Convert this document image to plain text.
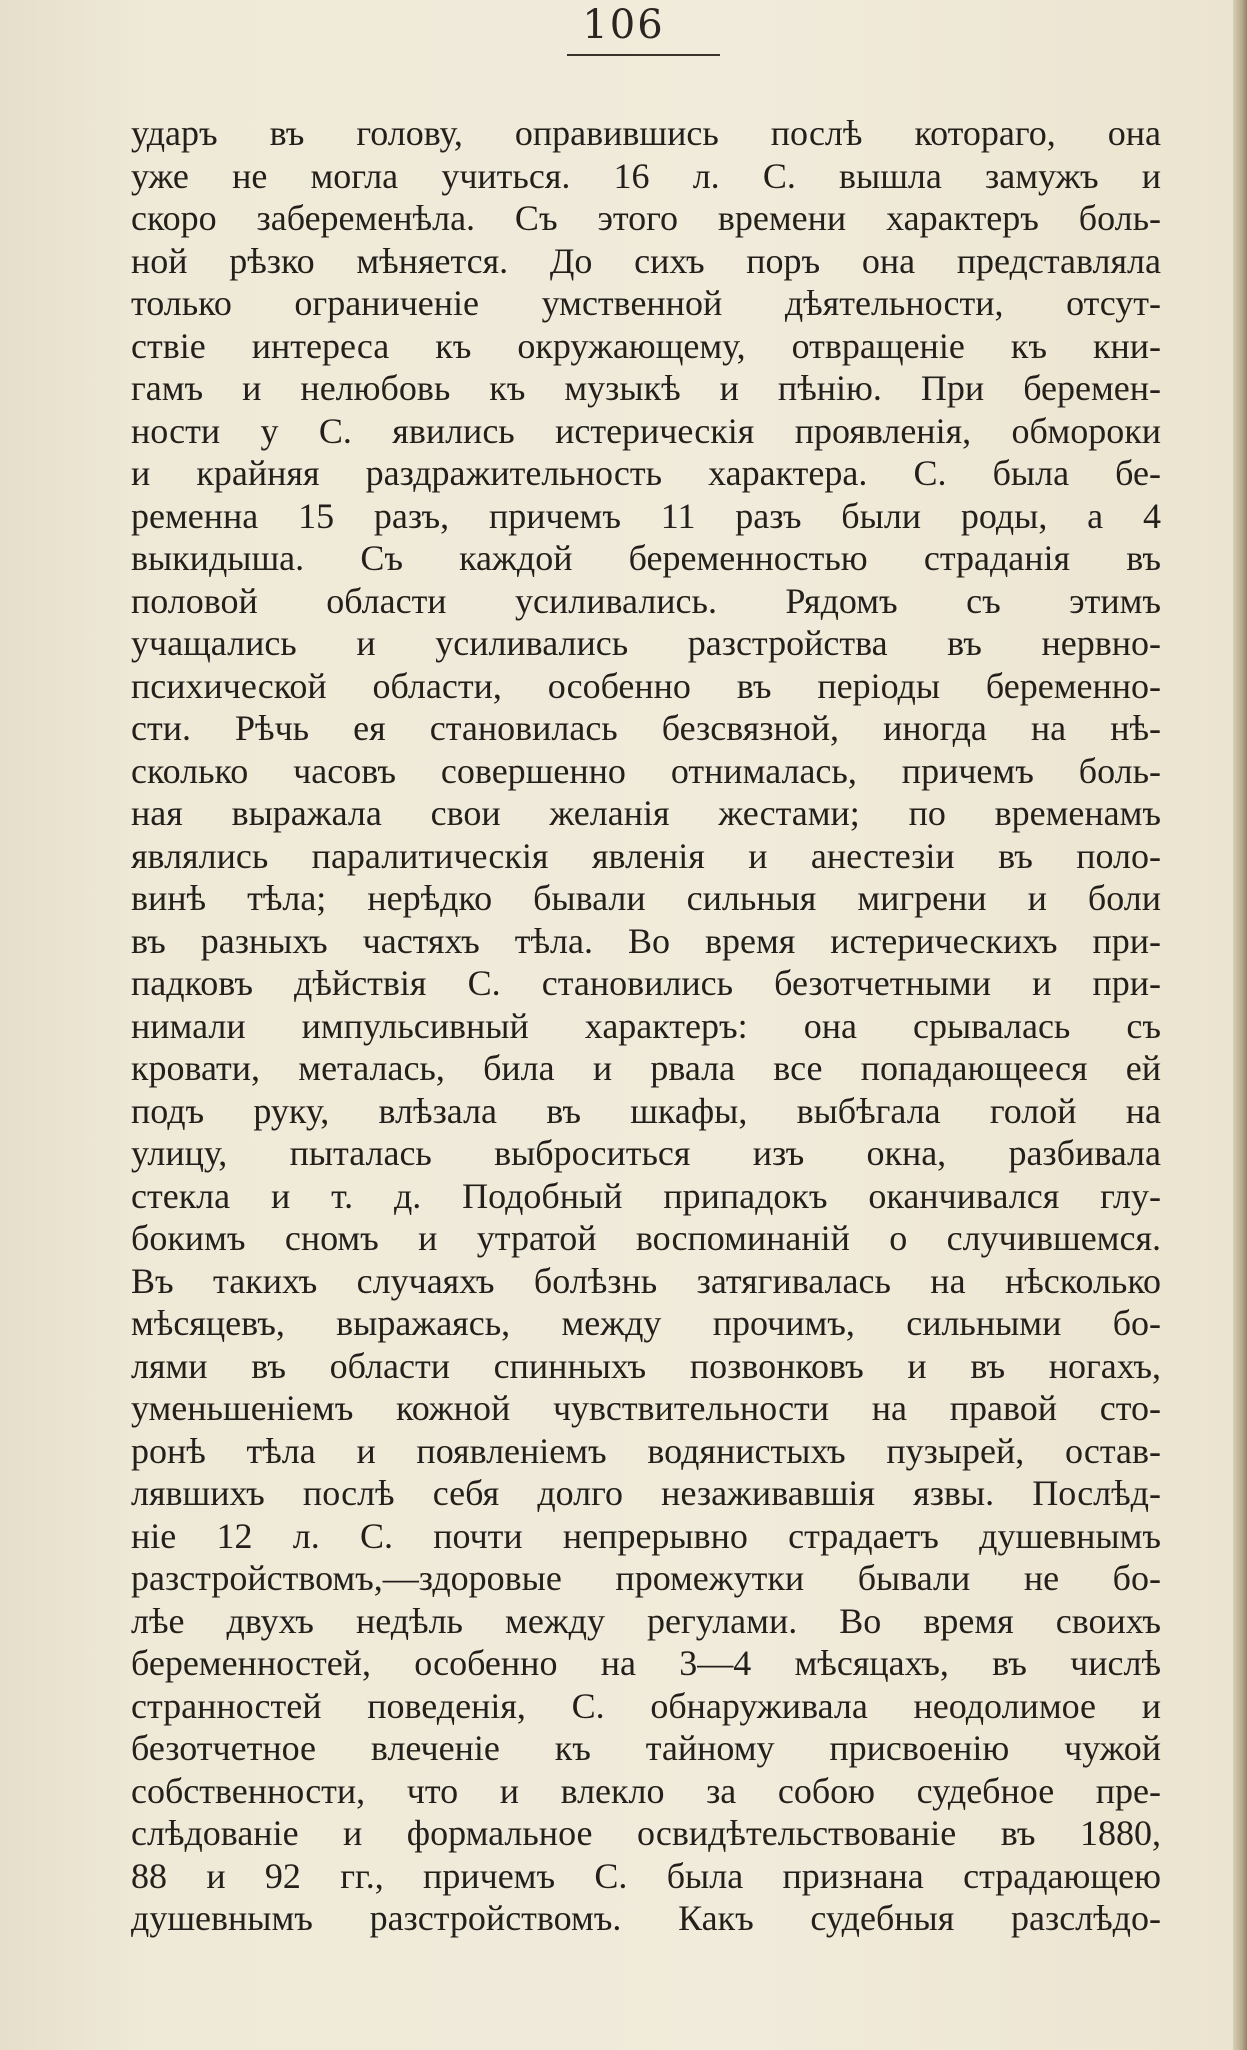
106
ударъ въ голову, оправившись послѣ котораго, она
уже не могла учиться. 16 л. С. вышла замужъ и
скоро забеременѣла. Съ этого времени характеръ боль-
ной рѣзко мѣняется. До сихъ поръ она представляла
только ограниченіе умственной дѣятельности, отсут-
ствіе интереса къ окружающему, отвращеніе къ кни-
гамъ и нелюбовь къ музыкѣ и пѣнію. При беремен-
ности у С. явились истерическія проявленія, обмороки
и крайняя раздражительность характера. С. была бе-
ременна 15 разъ, причемъ 11 разъ были роды, а 4
выкидыша. Съ каждой беременностью страданія въ
половой области усиливались. Рядомъ съ этимъ
учащались и усиливались разстройства въ нервно-
психической области, особенно въ періоды беременно-
сти. Рѣчь ея становилась безсвязной, иногда на нѣ-
сколько часовъ совершенно отнималась, причемъ боль-
ная выражала свои желанія жестами; по временамъ
являлись паралитическія явленія и анестезіи въ поло-
винѣ тѣла; нерѣдко бывали сильныя мигрени и боли
въ разныхъ частяхъ тѣла. Во время истерическихъ при-
падковъ дѣйствія С. становились безотчетными и при-
нимали импульсивный характеръ: она срывалась съ
кровати, металась, била и рвала все попадающееся ей
подъ руку, влѣзала въ шкафы, выбѣгала голой на
улицу, пыталась выброситься изъ окна, разбивала
стекла и т. д. Подобный припадокъ оканчивался глу-
бокимъ сномъ и утратой воспоминаній о случившемся.
Въ такихъ случаяхъ болѣзнь затягивалась на нѣсколько
мѣсяцевъ, выражаясь, между прочимъ, сильными бо-
лями въ области спинныхъ позвонковъ и въ ногахъ,
уменьшеніемъ кожной чувствительности на правой сто-
ронѣ тѣла и появленіемъ водянистыхъ пузырей, остав-
лявшихъ послѣ себя долго незаживавшія язвы. Послѣд-
ніе 12 л. С. почти непрерывно страдаетъ душевнымъ
разстройствомъ,—здоровые промежутки бывали не бо-
лѣе двухъ недѣль между регулами. Во время своихъ
беременностей, особенно на 3—4 мѣсяцахъ, въ числѣ
странностей поведенія, С. обнаруживала неодолимое и
безотчетное влеченіе къ тайному присвоенію чужой
собственности, что и влекло за собою судебное пре-
слѣдованіе и формальное освидѣтельствованіе въ 1880,
88 и 92 гг., причемъ С. была признана страдающею
душевнымъ разстройствомъ. Какъ судебныя разслѣдо-
